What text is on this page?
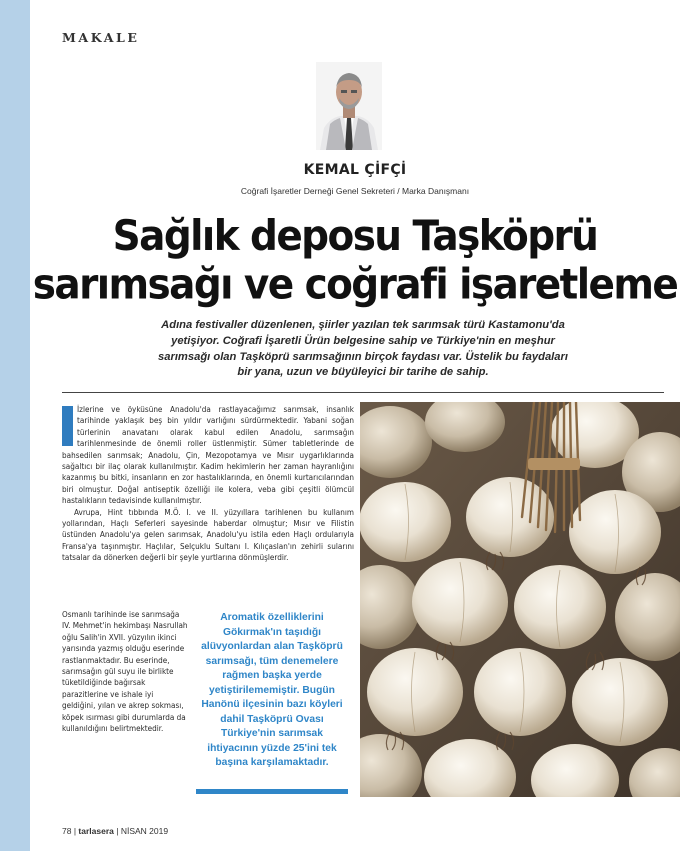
MAKALE
KEMAL ÇİFÇİ
Coğrafi İşaretler Derneği Genel Sekreteri / Marka Danışmanı
Sağlık deposu Taşköprü
sarımsağı ve coğrafi işaretleme

Adına festivaller düzenlenen, şiirler yazılan tek sarımsak türü Kastamonu'da yetişiyor. Coğrafi İşaretli Ürün belgesine sahip ve Türkiye'nin en meşhur sarımsağı olan Taşköprü sarımsağının birçok faydası var. Üstelik bu faydaları bir yana, uzun ve büyüleyici bir tarihe de sahip.

İzlerine ve öyküsüne Anadolu'da rastlayacağımız sarımsak, insanlık tarihinde yaklaşık beş bin yıldır varlığını sürdürmektedir. Yabani soğan türlerinin anavatanı olarak kabul edilen Anadolu, sarımsağın tarihlenmesinde de önemli roller üstlenmiştir. Sümer tabletlerinde de bahsedilen sarımsak; Anadolu, Çin, Mezopotamya ve Mısır uygarlıklarında sağaltıcı bir ilaç olarak kullanılmıştır. Kadim hekimlerin her zaman hayranlığını kazanmış bu bitki, insanların en zor hastalıklarında, en önemli kurtarıcılarından biri olmuştur. Doğal antiseptik özelliği ile kolera, veba gibi çeşitli ölümcül hastalıkların tedavisinde kullanılmıştır.

Avrupa, Hint tıbbında M.Ö. I. ve II. yüzyıllara tarihlenen bu kullanım yollarından, Haçlı Seferleri sayesinde haberdar olmuştur; Mısır ve Filistin üstünden Anadolu'ya gelen sarımsak, Anadolu'yu istila eden Haçlı ordularıyla Fransa'ya taşınmıştır. Haçlılar, Selçuklu Sultanı I. Kılıçaslan'ın zehirli sularını tatsalar da dönerken değerli bir şeyle yurtlarına dönmüşlerdir.

Osmanlı tarihinde ise sarımsağa IV. Mehmet'in hekimbaşı Nasrullah oğlu Salih'in XVII. yüzyılın ikinci yarısında yazmış olduğu eserinde rastlanmaktadır. Bu eserinde, sarımsağın gül suyu ile birlikte tüketildiğinde bağırsak parazitlerine ve ishale iyi geldiğini, yılan ve akrep sokması, köpek ısırması gibi durumlarda da kullanıldığını belirtmektedir.

Aromatik özelliklerini Gökırmak'ın taşıdığı alüvyonlardan alan Taşköprü sarımsağı, tüm denemelere rağmen başka yerde yetiştirilememiştir. Bugün Hanönü ilçesinin bazı köyleri dahil Taşköprü Ovası Türkiye'nin sarımsak ihtiyacının yüzde 25'ini tek başına karşılamaktadır.
78 | tarlasera | NİSAN 2019
